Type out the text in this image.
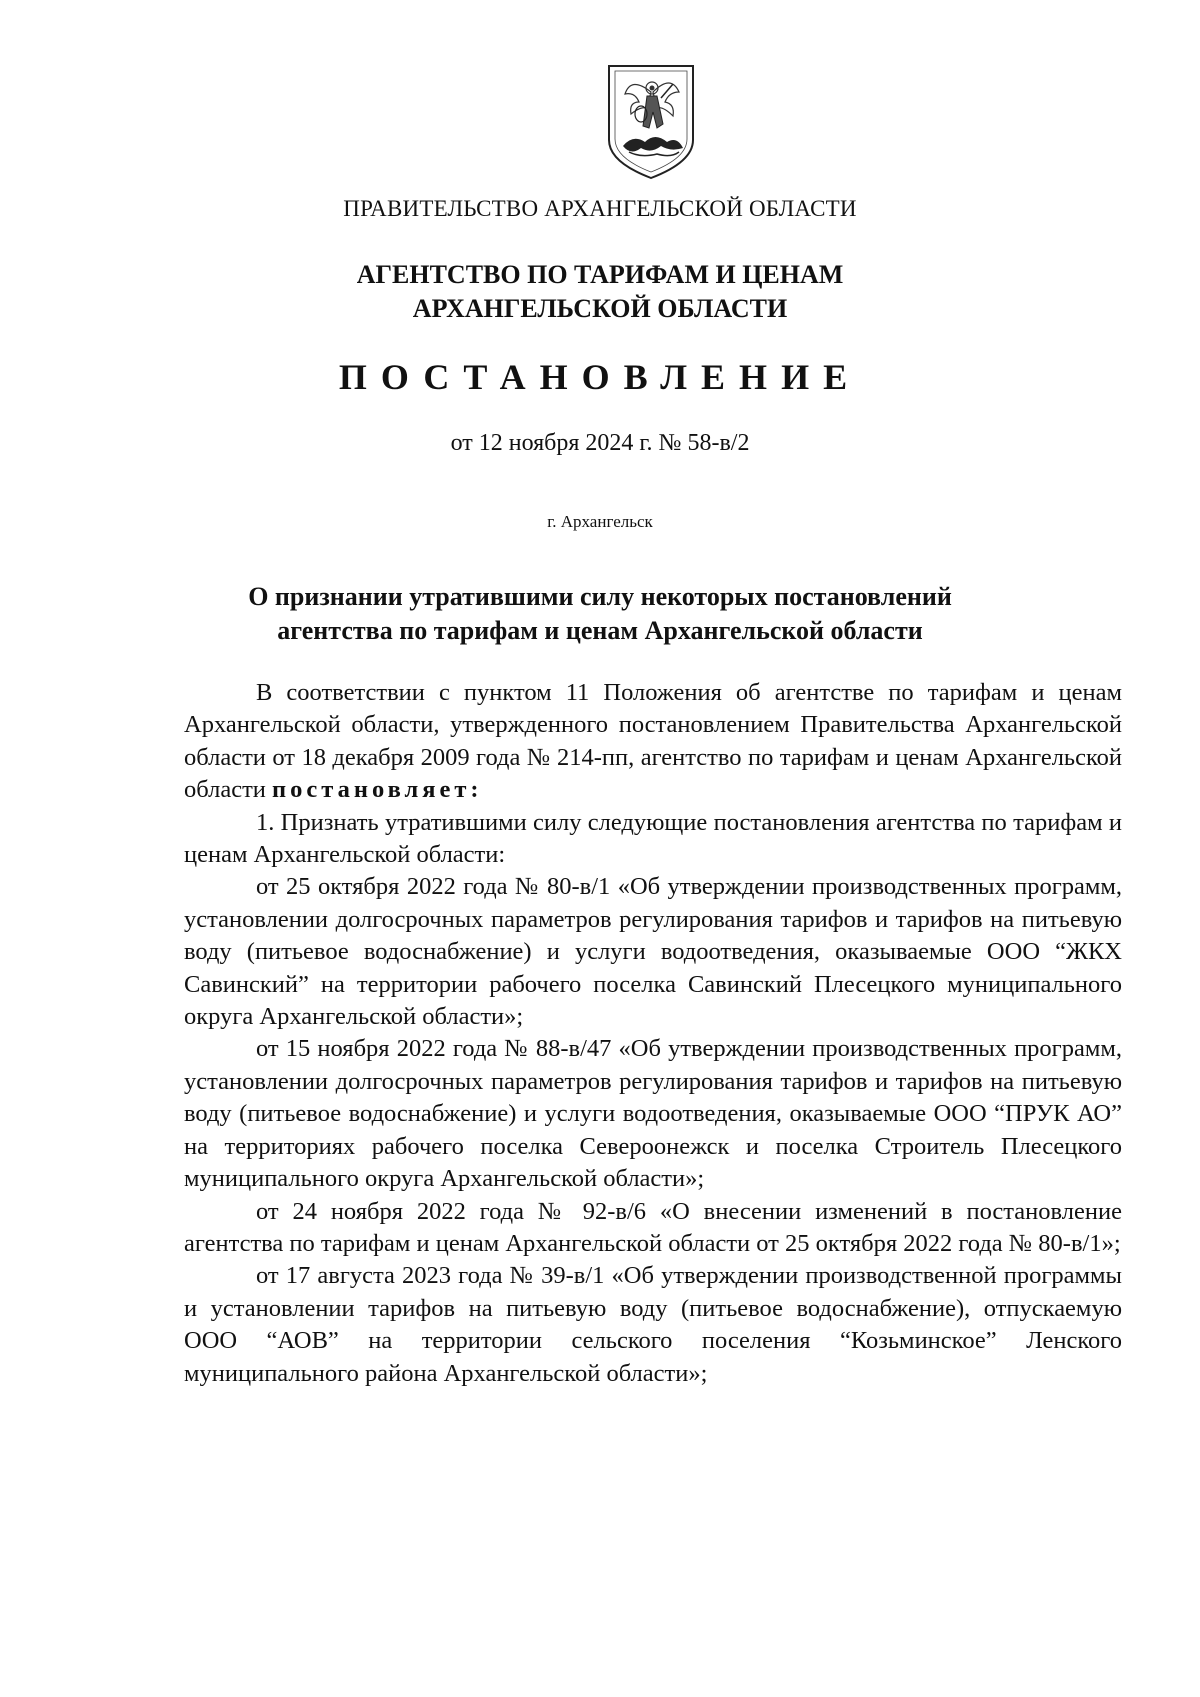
ПРАВИТЕЛЬСТВО АРХАНГЕЛЬСКОЙ ОБЛАСТИ
АГЕНТСТВО ПО ТАРИФАМ И ЦЕНАМ
АРХАНГЕЛЬСКОЙ ОБЛАСТИ
ПОСТАНОВЛЕНИЕ
от 12 ноября 2024 г. № 58-в/2
г. Архангельск
О признании утратившими силу некоторых постановлений
агентства по тарифам и ценам Архангельской области

В соответствии с пунктом 11 Положения об агентстве по тарифам и ценам Архангельской области, утвержденного постановлением Правительства Архангельской области от 18 декабря 2009 года № 214-пп, агентство по тарифам и ценам Архангельской области постановляет:

1. Признать утратившими силу следующие постановления агентства по тарифам и ценам Архангельской области:

от 25 октября 2022 года № 80-в/1 «Об утверждении производственных программ, установлении долгосрочных параметров регулирования тарифов и тарифов на питьевую воду (питьевое водоснабжение) и услуги водоотведения, оказываемые ООО “ЖКХ Савинский” на территории рабочего поселка Савинский Плесецкого муниципального округа Архангельской области»;

от 15 ноября 2022 года № 88-в/47 «Об утверждении производственных программ, установлении долгосрочных параметров регулирования тарифов и тарифов на питьевую воду (питьевое водоснабжение) и услуги водоотведения, оказываемые ООО “ПРУК АО” на территориях рабочего поселка Североонежск и поселка Строитель Плесецкого муниципального округа Архангельской области»;

от 24 ноября 2022 года № 92-в/6 «О внесении изменений в постановление агентства по тарифам и ценам Архангельской области от 25 октября 2022 года № 80-в/1»;

от 17 августа 2023 года № 39-в/1 «Об утверждении производственной программы и установлении тарифов на питьевую воду (питьевое водоснабжение), отпускаемую ООО “АОВ” на территории сельского поселения “Козьминское” Ленского муниципального района Архангельской области»;
